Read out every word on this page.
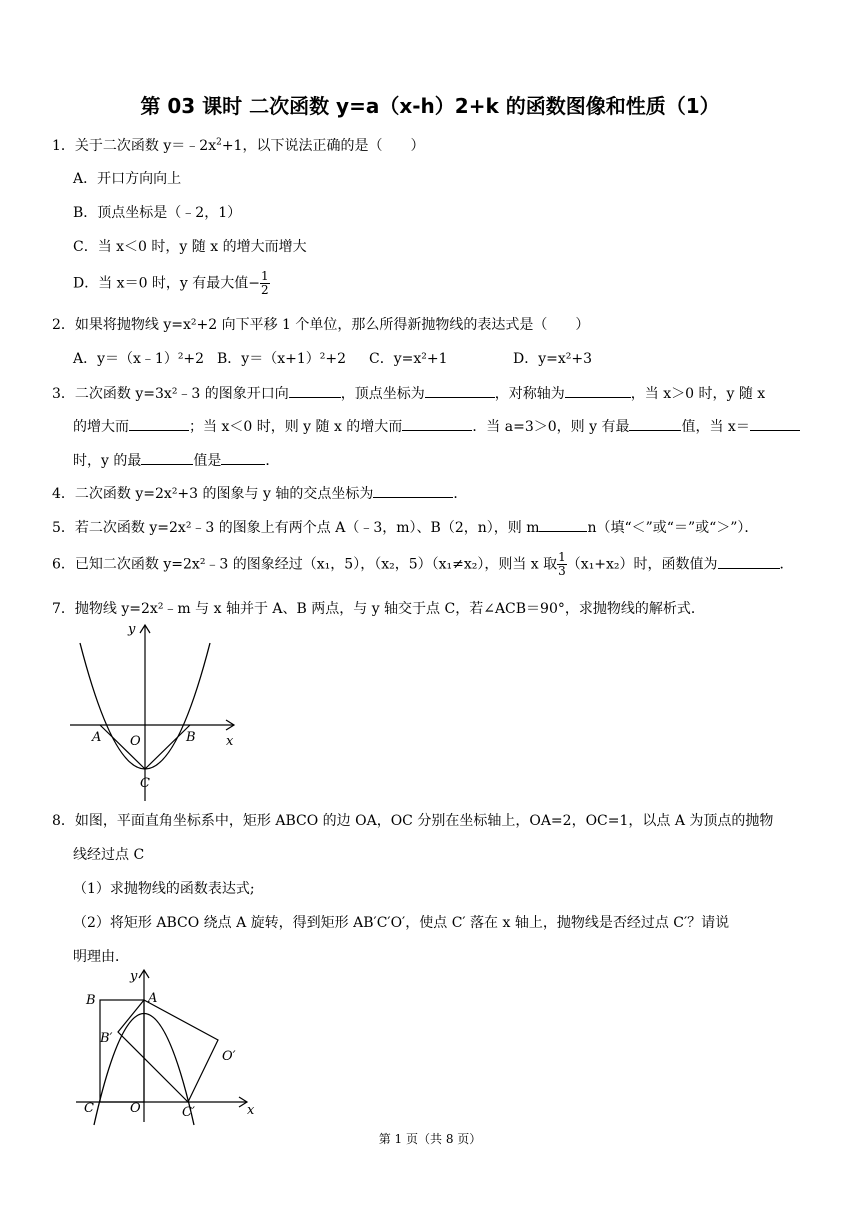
第 03 课时 二次函数 y=a（x-h）2+k 的函数图像和性质（1）
1．关于二次函数 $y=﹣2x^2+1$，以下说法正确的是（　　）
A．开口方向向上
B．顶点坐标是（﹣2，1）
C．当 x＜0 时，y 随 x 的增大而增大
D．当 x＝0 时，y 有最大值− $\frac{1}{2}$
2．如果将抛物线 y=x²+2 向下平移 1 个单位，那么所得新抛物线的表达式是（　　）
A．y＝（x﹣1）²+2 B．y＝（x+1）²+2 C．y=x²+1	D．y=x²+3
3．二次函数 y=3x²﹣3 的图象开口向	，顶点坐标为	，对称轴为	，当 x＞0 时，y 随 x
的增大而	；当 x＜0 时，则 y 随 x 的增大而	．当 a=3＞0，则 y 有最	值，当 x＝
时，y 的最	值是	．
4．二次函数 y=2x²+3 的图象与 y 轴的交点坐标为	．
5．若二次函数 y=2x²﹣3 的图象上有两个点 A（﹣3，m）、B（2，n），则 m	n（填“＜”或“＝”或“＞”）．
6．已知二次函数 y=2x²﹣3 的图象经过（x₁，5），（x₂，5）（x₁≠x₂），则当 x 取 $\frac{1}{3} (x_1+x_2)$时，函数值为	．
7．抛物线 y=2x²﹣m 与 x 轴并于 A、B 两点，与 y 轴交于点 C，若∠ACB＝90°，求抛物线的解析式．
y
x
A O	B
C
8．如图，平面直角坐标系中，矩形 ABCO 的边 OA，OC 分别在坐标轴上，OA=2，OC=1，以点 A 为顶点的抛物
线经过点 C
（1）求抛物线的函数表达式;
（2）将矩形 ABCO 绕点 A 旋转，得到矩形 AB′C′O′，使点 C′ 落在 x 轴上，抛物线是否经过点 C′？请说
明理由．
y
x
B	A
B′
O′
C	O	C′
第 1 页（共 8 页）
